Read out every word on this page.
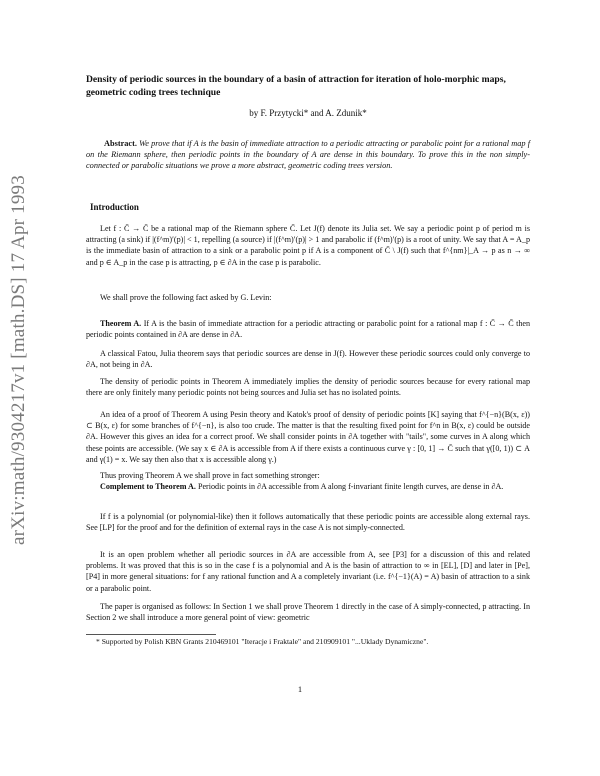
arXiv:math/9304217v1 [math.DS] 17 Apr 1993
Density of periodic sources in the boundary of a basin of attraction for iteration of holo-morphic maps, geometric coding trees technique
by F. Przytycki* and A. Zdunik*
Abstract. We prove that if A is the basin of immediate attraction to a periodic attracting or parabolic point for a rational map f on the Riemann sphere, then periodic points in the boundary of A are dense in this boundary. To prove this in the non simply-connected or parabolic situations we prove a more abstract, geometric coding trees version.
Introduction

Let f : C̄ → C̄ be a rational map of the Riemann sphere C̄. Let J(f) denote its Julia set. We say a periodic point p of period m is attracting (a sink) if |(f^m)′(p)| < 1, repelling (a source) if |(f^m)′(p)| > 1 and parabolic if (f^m)′(p) is a root of unity. We say that A = A_p is the immediate basin of attraction to a sink or a parabolic point p if A is a component of C̄ \ J(f) such that f^{nm}|_A → p as n → ∞ and p ∈ A_p in the case p is attracting, p ∈ ∂A in the case p is parabolic.

We shall prove the following fact asked by G. Levin:

Theorem A. If A is the basin of immediate attraction for a periodic attracting or parabolic point for a rational map f : C̄ → C̄ then periodic points contained in ∂A are dense in ∂A.

A classical Fatou, Julia theorem says that periodic sources are dense in J(f). However these periodic sources could only converge to ∂A, not being in ∂A.

The density of periodic points in Theorem A immediately implies the density of periodic sources because for every rational map there are only finitely many periodic points not being sources and Julia set has no isolated points.

An idea of a proof of Theorem A using Pesin theory and Katok's proof of density of periodic points [K] saying that f^{−n}(B(x, ε)) ⊂ B(x, ε) for some branches of f^{−n}, is also too crude. The matter is that the resulting fixed point for f^n in B(x, ε) could be outside ∂A. However this gives an idea for a correct proof. We shall consider points in ∂A together with "tails", some curves in A along which these points are accessible. (We say x ∈ ∂A is accessible from A if there exists a continuous curve γ : [0, 1] → C̄ such that γ([0, 1)) ⊂ A and γ(1) = x. We say then also that x is accessible along γ.)

Thus proving Theorem A we shall prove in fact something stronger:

Complement to Theorem A. Periodic points in ∂A accessible from A along f-invariant finite length curves, are dense in ∂A.

If f is a polynomial (or polynomial-like) then it follows automatically that these periodic points are accessible along external rays. See [LP] for the proof and for the definition of external rays in the case A is not simply-connected.

It is an open problem whether all periodic sources in ∂A are accessible from A, see [P3] for a discussion of this and related problems. It was proved that this is so in the case f is a polynomial and A is the basin of attraction to ∞ in [EL], [D] and later in [Pe], [P4] in more general situations: for f any rational function and A a completely invariant (i.e. f^{−1}(A) = A) basin of attraction to a sink or a parabolic point.

The paper is organised as follows: In Section 1 we shall prove Theorem 1 directly in the case of A simply-connected, p attracting. In Section 2 we shall introduce a more general point of view: geometric

* Supported by Polish KBN Grants 210469101 "Iteracje i Fraktale" and 210909101 "...Uklady Dynamiczne".
1
